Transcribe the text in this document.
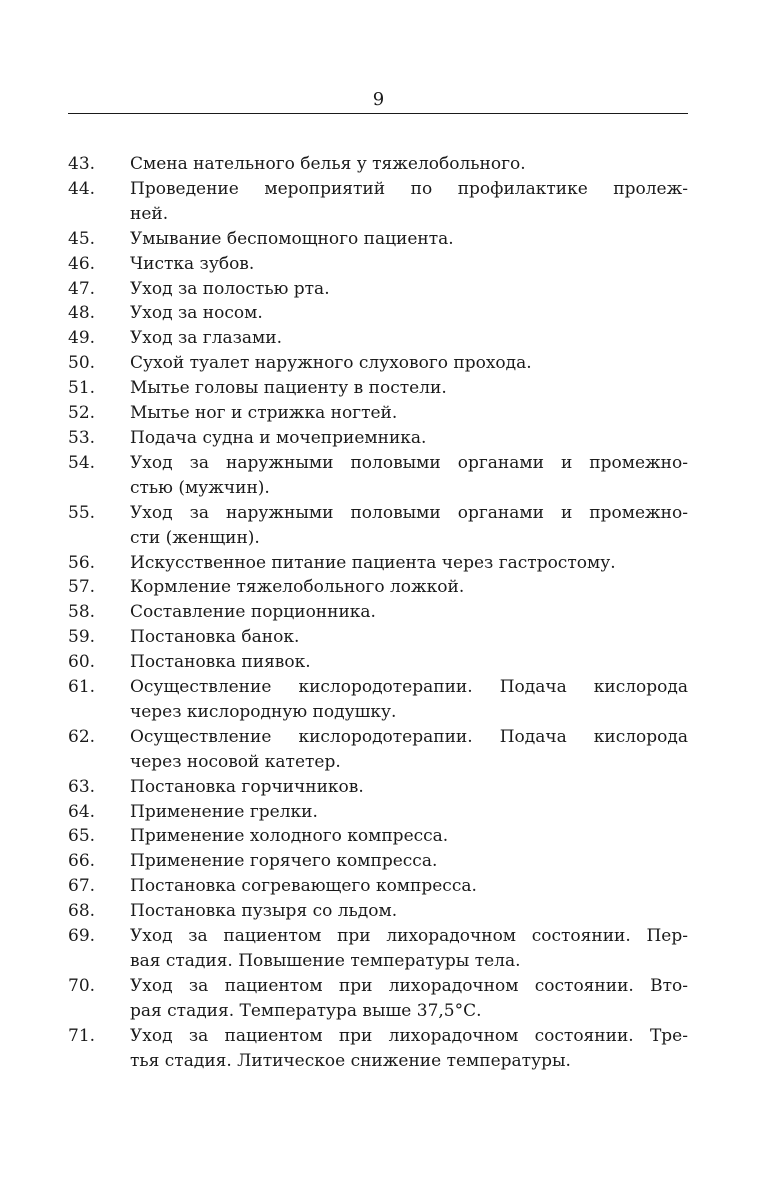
9
43.	Смена нательного белья у тяжелобольного.
44.	Проведение мероприятий по профилактике пролеж-
ней.
45.	Умывание беспомощного пациента.
46.	Чистка зубов.
47.	Уход за полостью рта.
48.	Уход за носом.
49.	Уход за глазами.
50.	Сухой туалет наружного слухового прохода.
51.	Мытье головы пациенту в постели.
52.	Мытье ног и стрижка ногтей.
53.	Подача судна и мочеприемника.
54.	Уход за наружными половыми органами и промежно-
стью (мужчин).
55.	Уход за наружными половыми органами и промежно-
сти (женщин).
56.	Искусственное питание пациента через гастростому.
57.	Кормление тяжелобольного ложкой.
58.	Составление порционника.
59.	Постановка банок.
60.	Постановка пиявок.
61.	Осуществление кислородотерапии. Подача кислорода
через кислородную подушку.
62.	Осуществление кислородотерапии. Подача кислорода
через носовой катетер.
63.	Постановка горчичников.
64.	Применение грелки.
65.	Применение холодного компресса.
66.	Применение горячего компресса.
67.	Постановка согревающего компресса.
68.	Постановка пузыря со льдом.
69.	Уход за пациентом при лихорадочном состоянии. Пер-
вая стадия. Повышение температуры тела.
70.	Уход за пациентом при лихорадочном состоянии. Вто-
рая стадия. Температура выше 37,5°С.
71.	Уход за пациентом при лихорадочном состоянии. Тре-
тья стадия. Литическое снижение температуры.
